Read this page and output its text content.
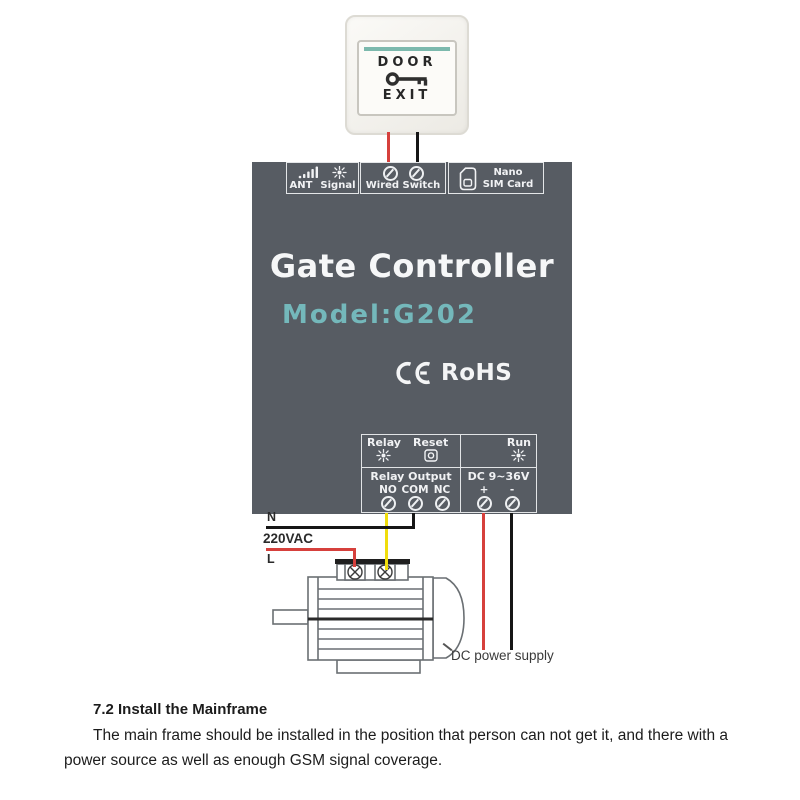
DOOR
EXIT
ANT Signal Wired Switch
Nano
SIM Card
Gate Controller
Model:G202
RoHS
Relay Reset
Relay Output
NO COM NC
Run
DC 9~36V
+ -
N
220VAC
L
DC power supply
7.2 Install the Mainframe
The main frame should be installed in the position that person can not get it, and there with a
power source as well as enough GSM signal coverage.
